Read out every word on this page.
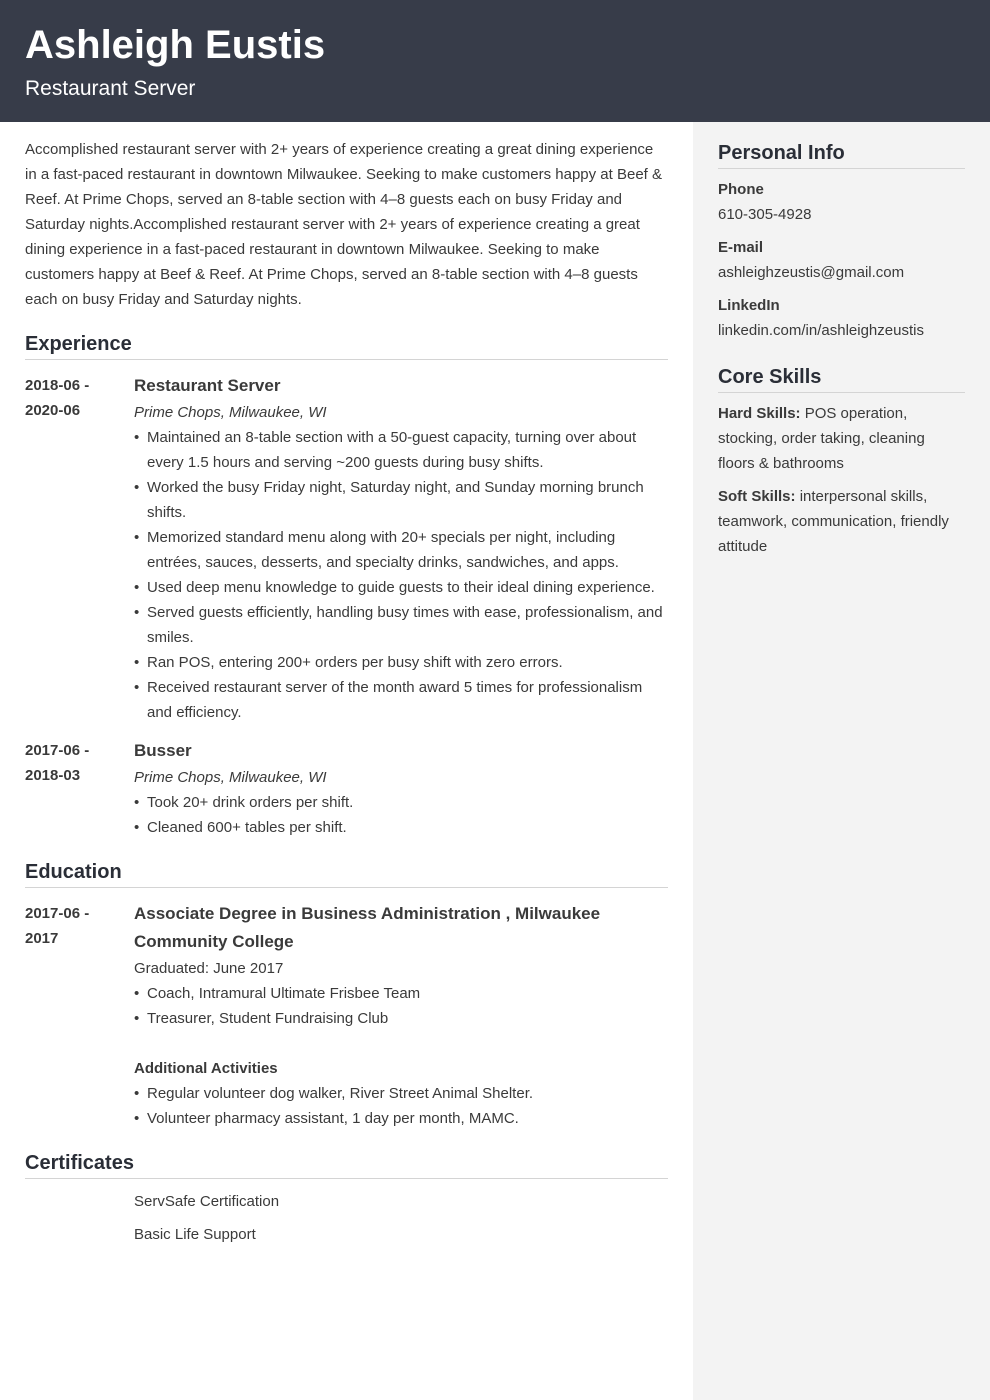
Ashleigh Eustis
Restaurant Server

Accomplished restaurant server with 2+ years of experience creating a great dining experience in a fast-paced restaurant in downtown Milwaukee. Seeking to make customers happy at Beef & Reef. At Prime Chops, served an 8-table section with 4–8 guests each on busy Friday and Saturday nights.Accomplished restaurant server with 2+ years of experience creating a great dining experience in a fast-paced restaurant in downtown Milwaukee. Seeking to make customers happy at Beef & Reef. At Prime Chops, served an 8-table section with 4–8 guests each on busy Friday and Saturday nights.

Experience
2018-06 -
2020-06
Restaurant Server
Prime Chops, Milwaukee, WI
• Maintained an 8-table section with a 50-guest capacity, turning over about every 1.5 hours and serving ~200 guests during busy shifts.
• Worked the busy Friday night, Saturday night, and Sunday morning brunch shifts.
• Memorized standard menu along with 20+ specials per night, including entrées, sauces, desserts, and specialty drinks, sandwiches, and apps.
• Used deep menu knowledge to guide guests to their ideal dining experience.
• Served guests efficiently, handling busy times with ease, professionalism, and smiles.
• Ran POS, entering 200+ orders per busy shift with zero errors.
• Received restaurant server of the month award 5 times for professionalism and efficiency.
2017-06 -
2018-03
Busser
Prime Chops, Milwaukee, WI
• Took 20+ drink orders per shift.
• Cleaned 600+ tables per shift.
Education
2017-06 -
2017
Associate Degree in Business Administration , Milwaukee Community College
Graduated: June 2017
• Coach, Intramural Ultimate Frisbee Team
• Treasurer, Student Fundraising Club
Additional Activities
• Regular volunteer dog walker, River Street Animal Shelter.
• Volunteer pharmacy assistant, 1 day per month, MAMC.
Certificates
ServSafe Certification
Basic Life Support
Personal Info
Phone
610-305-4928
E-mail
ashleighzeustis@gmail.com
LinkedIn
linkedin.com/in/ashleighzeustis
Core Skills
Hard Skills: POS operation, stocking, order taking, cleaning floors & bathrooms
Soft Skills: interpersonal skills, teamwork, communication, friendly attitude
